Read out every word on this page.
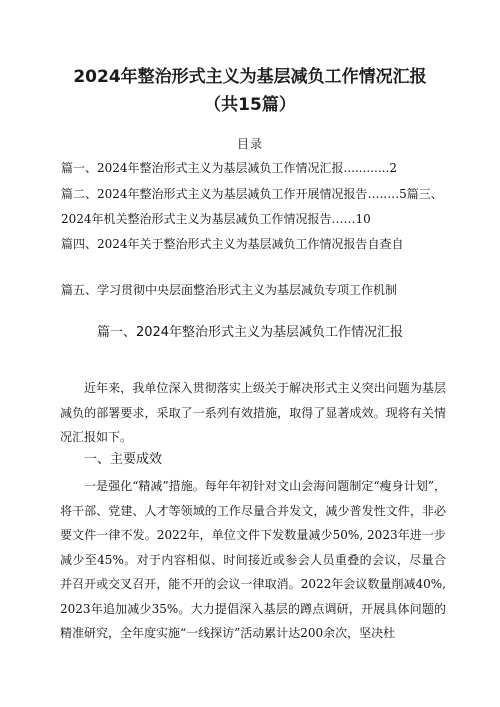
2024年整治形式主义为基层减负工作情况汇报
（共15篇）
目录
篇一、2024年整治形式主义为基层减负工作情况汇报............2
篇二、2024年整治形式主义为基层减负工作开展情况报告…..…5篇三、
2024年机关整治形式主义为基层减负工作情况报告……10
篇四、2024年关于整治形式主义为基层减负工作情况报告自查自
篇五、学习贯彻中央层面整治形式主义为基层减负专项工作机制
篇一、2024年整治形式主义为基层减负工作情况汇报
近年来，我单位深入贯彻落实上级关于解决形式主义突出问题为基层减负的部署要求，采取了一系列有效措施，取得了显著成效。现将有关情况汇报如下。
一、主要成效
一是强化“精减”措施。每年年初针对文山会海问题制定“瘦身计划”，将干部、党建、人才等领域的工作尽量合并发文，减少普发性文件，非必要文件一律不发。2022年，单位文件下发数量减少50%, 2023年进一步减少至45%。对于内容相似、时间接近或参会人员重叠的会议，尽量合并召开或交叉召开，能不开的会议一律取消。2022年会议数量削减40%, 2023年追加减少35%。大力提倡深入基层的蹲点调研，开展具体问题的精准研究，全年度实施“一线探访”活动累计达200余次，坚决杜
